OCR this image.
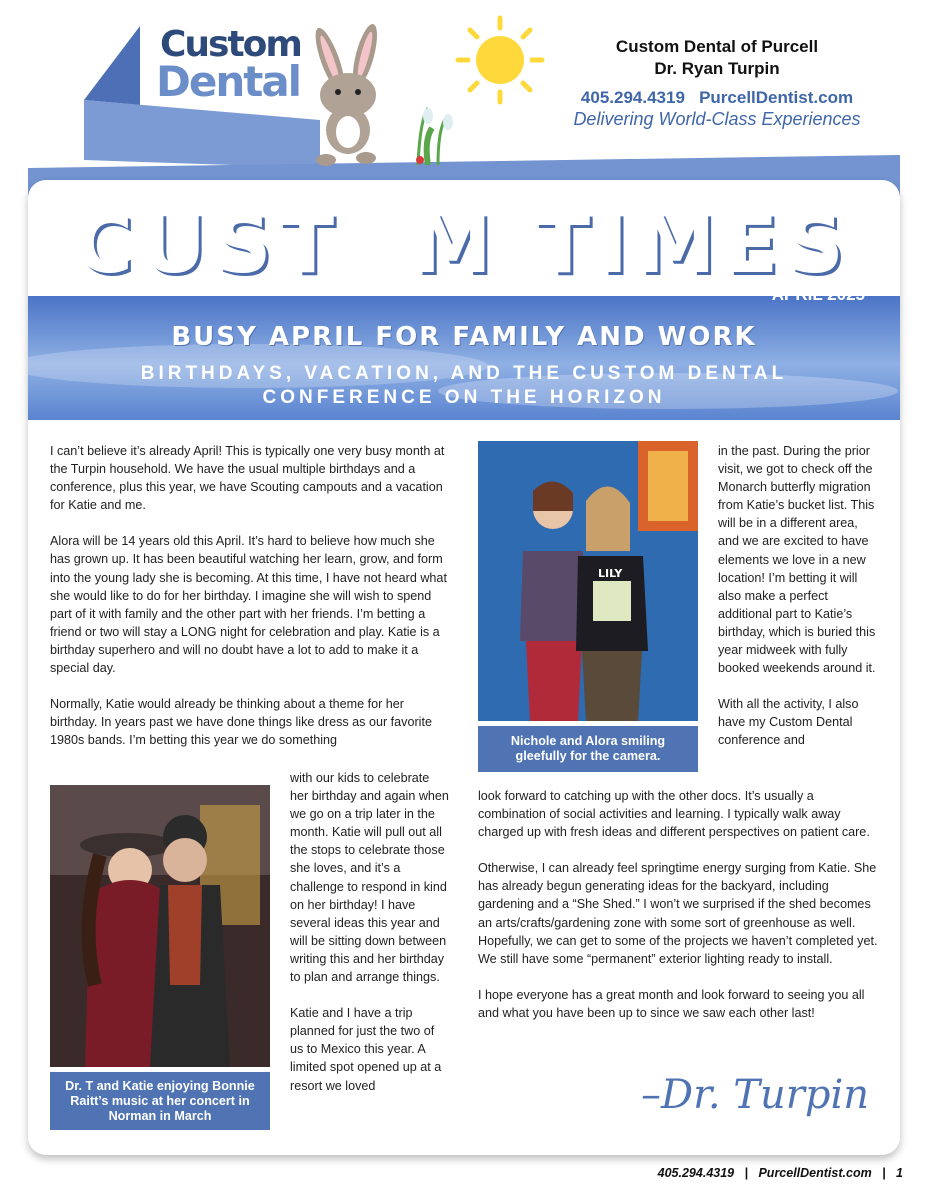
Custom
Dental
Custom Dental of Purcell
Dr. Ryan Turpin
405.294.4319 PurcellDentist.com
Delivering World-Class Experiences
CUST M TIMES
APRIL 2025
BUSY APRIL FOR FAMILY AND WORK
BIRTHDAYS, VACATION, AND THE CUSTOM DENTAL CONFERENCE ON THE HORIZON

I can’t believe it’s already April! This is typically one very busy month at the Turpin household. We have the usual multiple birthdays and a conference, plus this year, we have Scouting campouts and a vacation for Katie and me.

Alora will be 14 years old this April. It’s hard to believe how much she has grown up. It has been beautiful watching her learn, grow, and form into the young lady she is becoming. At this time, I have not heard what she would like to do for her birthday. I imagine she will wish to spend part of it with family and the other part with her friends. I’m betting a friend or two will stay a LONG night for celebration and play. Katie is a birthday superhero and will no doubt have a lot to add to make it a special day.

Normally, Katie would already be thinking about a theme for her birthday. In years past we have done things like dress as our favorite 1980s bands. I’m betting this year we do something

Dr. T and Katie enjoying Bonnie Raitt’s music at her concert in Norman in March

with our kids to celebrate her birthday and again when we go on a trip later in the month. Katie will pull out all the stops to celebrate those she loves, and it’s a challenge to respond in kind on her birthday! I have several ideas this year and will be sitting down between writing this and her birthday to plan and arrange things.

Katie and I have a trip planned for just the two of us to Mexico this year. A limited spot opened up at a resort we loved

LILY
Nichole and Alora smiling gleefully for the camera.

in the past. During the prior visit, we got to check off the Monarch butterfly migration from Katie’s bucket list. This will be in a different area, and we are excited to have elements we love in a new location! I’m betting it will also make a perfect additional part to Katie’s birthday, which is buried this year midweek with fully booked weekends around it.

With all the activity, I also have my Custom Dental conference and

look forward to catching up with the other docs. It’s usually a combination of social activities and learning. I typically walk away charged up with fresh ideas and different perspectives on patient care.

Otherwise, I can already feel springtime energy surging from Katie. She has already begun generating ideas for the backyard, including gardening and a “She Shed.” I won’t we surprised if the shed becomes an arts/crafts/gardening zone with some sort of greenhouse as well. Hopefully, we can get to some of the projects we haven’t completed yet. We still have some “permanent” exterior lighting ready to install.

I hope everyone has a great month and look forward to seeing you all and what you have been up to since we saw each other last!

–Dr. Turpin
405.294.4319   |   PurcellDentist.com   |   1
